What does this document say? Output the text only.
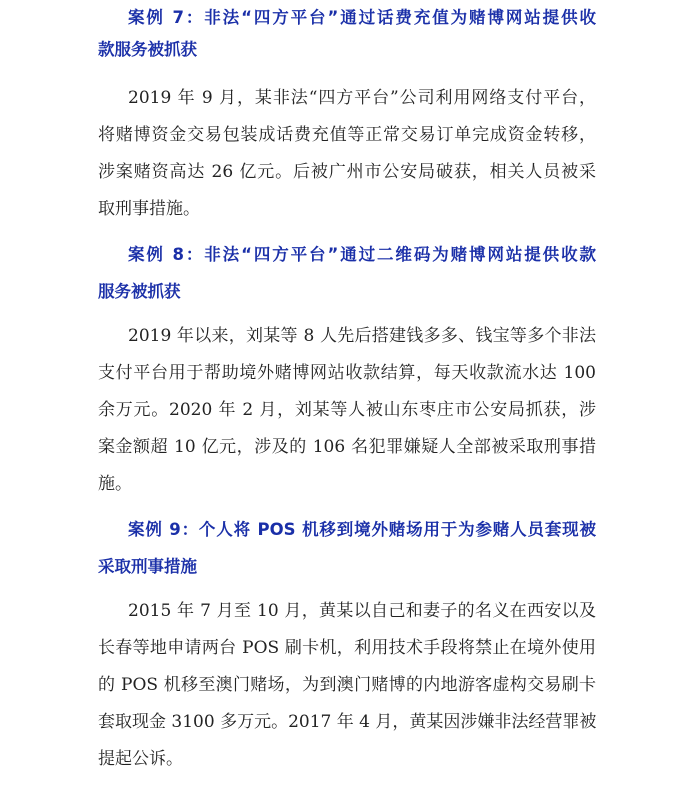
案例 7：非法“四方平台”通过话费充值为赌博网站提供收
款服务被抓获
2019 年 9 月，某非法“四方平台”公司利用网络支付平台，
将赌博资金交易包装成话费充值等正常交易订单完成资金转移，
涉案赌资高达 26 亿元。后被广州市公安局破获，相关人员被采
取刑事措施。
案例 8：非法“四方平台”通过二维码为赌博网站提供收款
服务被抓获
2019 年以来，刘某等 8 人先后搭建钱多多、钱宝等多个非法
支付平台用于帮助境外赌博网站收款结算，每天收款流水达 100
余万元。2020 年 2 月，刘某等人被山东枣庄市公安局抓获，涉
案金额超 10 亿元，涉及的 106 名犯罪嫌疑人全部被采取刑事措
施。
案例 9：个人将 POS 机移到境外赌场用于为参赌人员套现被
采取刑事措施
2015 年 7 月至 10 月，黄某以自己和妻子的名义在西安以及
长春等地申请两台 POS 刷卡机，利用技术手段将禁止在境外使用
的 POS 机移至澳门赌场，为到澳门赌博的内地游客虚构交易刷卡
套取现金 3100 多万元。2017 年 4 月，黄某因涉嫌非法经营罪被
提起公诉。
